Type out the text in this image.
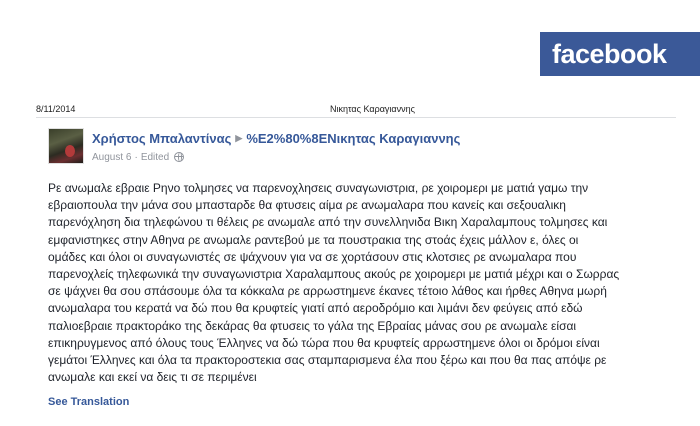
facebook
8/11/2014	Νικητας Καραγιαννης
Χρήστος Μπαλαντίνας ▶ %E2%80%8EΝικητας Καραγιαννης
August 6 · Edited
Ρε ανωμαλε εβραιε Ρηνο τολμησες να παρενοχλησεις συναγωνιστρια, ρε χοιρομερι με ματιά γαμω την
εβραιοπουλα την μάνα σου μπασταρδε θα φτυσεις αίμα ρε ανωμαλαρα που κανείς και σεξουαλικη
παρενόχληση δια τηλεφώνου τι θέλεις ρε ανωμαλε από την συνελληνιδα Βικη Χαραλαμπους τολμησες και
εμφανιστηκες στην Αθηνα ρε ανωμαλε ραντεβού με τα πουστρακια της στοάς έχεις μάλλον ε, όλες οι
ομάδες και όλοι οι συναγωνιστές σε ψάχνουν για να σε χορτάσουν στις κλοτσιες ρε ανωμαλαρα που
παρενοχλείς τηλεφωνικά την συναγωνιστρια Χαραλαμπους ακούς ρε χοιρομερι με ματιά μέχρι και ο Σωρρας
σε ψάχνει θα σου σπάσουμε όλα τα κόκκαλα ρε αρρωστημενε έκανες τέτοιο λάθος και ήρθες Αθηνα μωρή
ανωμαλαρα του κερατά να δώ που θα κρυφτείς γιατί από αεροδρόμιο και λιμάνι δεν φεύγεις από εδώ
παλιοεβραιε πρακτοράκο της δεκάρας θα φτυσεις το γάλα της Εβραίας μάνας σου ρε ανωμαλε είσαι
επικηρυγμενος από όλους τους Έλληνες να δώ τώρα που θα κρυφτείς αρρωστημενε όλοι οι δρόμοι είναι
γεμάτοι Έλληνες και όλα τα πρακτοροστεκια σας σταμπαρισμενα έλα που ξέρω και που θα πας απόψε ρε
ανωμαλε και εκεί να δεις τι σε περιμένει
See Translation
